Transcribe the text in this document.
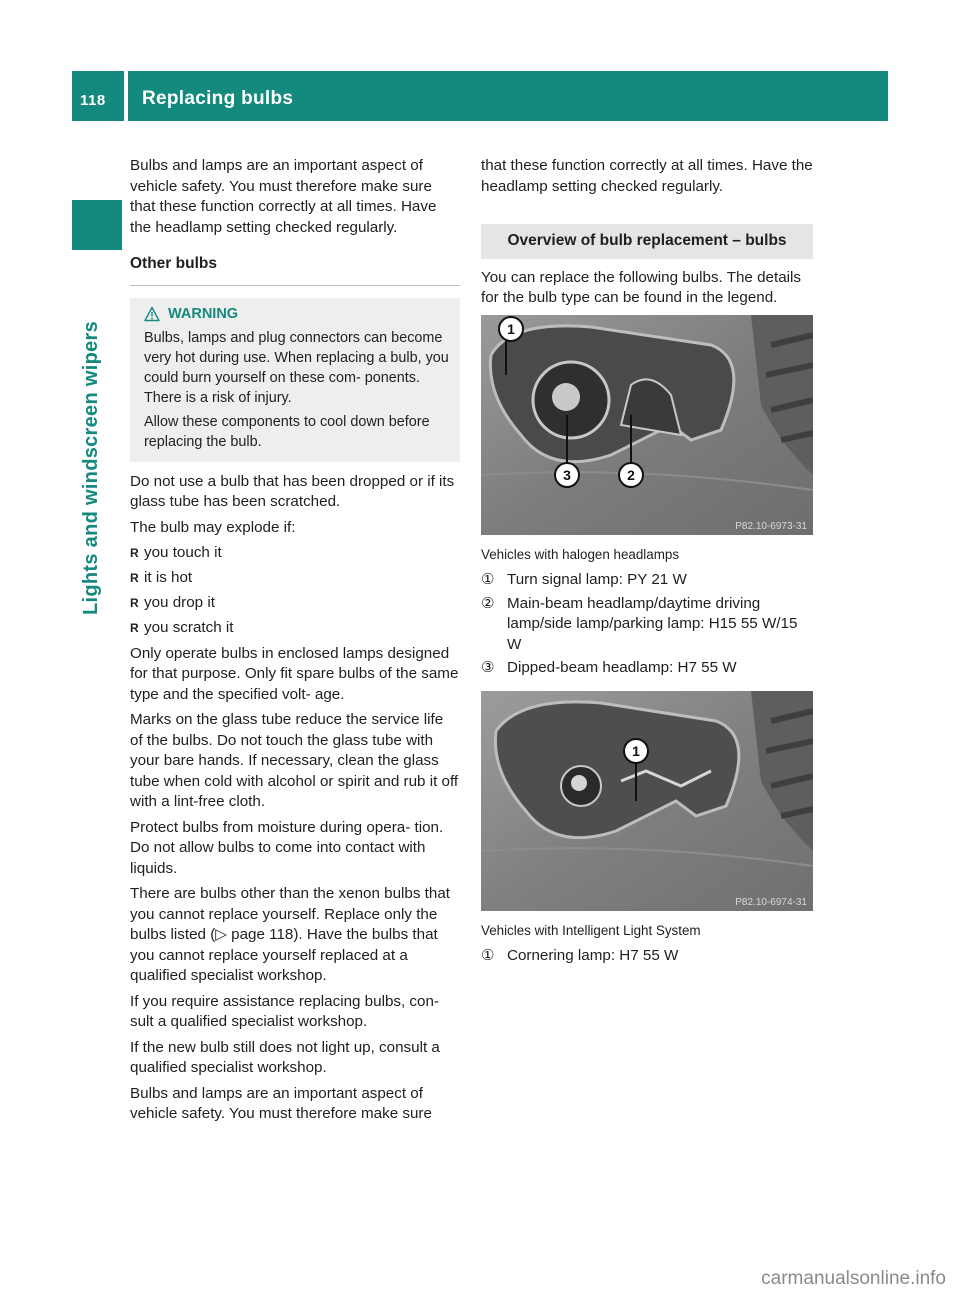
118 Replacing bulbs
Lights and windscreen wipers

Bulbs and lamps are an important aspect of vehicle safety. You must therefore make sure that these function correctly at all times. Have the headlamp setting checked regularly.

Other bulbs
WARNING

Bulbs, lamps and plug connectors can become very hot during use. When replacing a bulb, you could burn yourself on these com- ponents. There is a risk of injury.

Allow these components to cool down before replacing the bulb.

Do not use a bulb that has been dropped or if its glass tube has been scratched.

The bulb may explode if:

R you touch it
R it is hot
R you drop it
R you scratch it

Only operate bulbs in enclosed lamps designed for that purpose. Only fit spare bulbs of the same type and the specified volt- age.

Marks on the glass tube reduce the service life of the bulbs. Do not touch the glass tube with your bare hands. If necessary, clean the glass tube when cold with alcohol or spirit and rub it off with a lint-free cloth.

Protect bulbs from moisture during opera- tion. Do not allow bulbs to come into contact with liquids.

There are bulbs other than the xenon bulbs that you cannot replace yourself. Replace only the bulbs listed (▷ page 118). Have the bulbs that you cannot replace yourself replaced at a qualified specialist workshop.

If you require assistance replacing bulbs, con- sult a qualified specialist workshop.

If the new bulb still does not light up, consult a qualified specialist workshop.

Bulbs and lamps are an important aspect of vehicle safety. You must therefore make sure

that these function correctly at all times. Have the headlamp setting checked regularly.

Overview of bulb replacement – bulbs

You can replace the following bulbs. The details for the bulb type can be found in the legend.

1
3	2
P82.10-6973-31

Vehicles with halogen headlamps

① Turn signal lamp: PY 21 W
② Main-beam headlamp/daytime driving lamp/side lamp/parking lamp: H15 55 W/15 W
③ Dipped-beam headlamp: H7 55 W
1
P82.10-6974-31

Vehicles with Intelligent Light System

① Cornering lamp: H7 55 W
carmanualsonline.info
